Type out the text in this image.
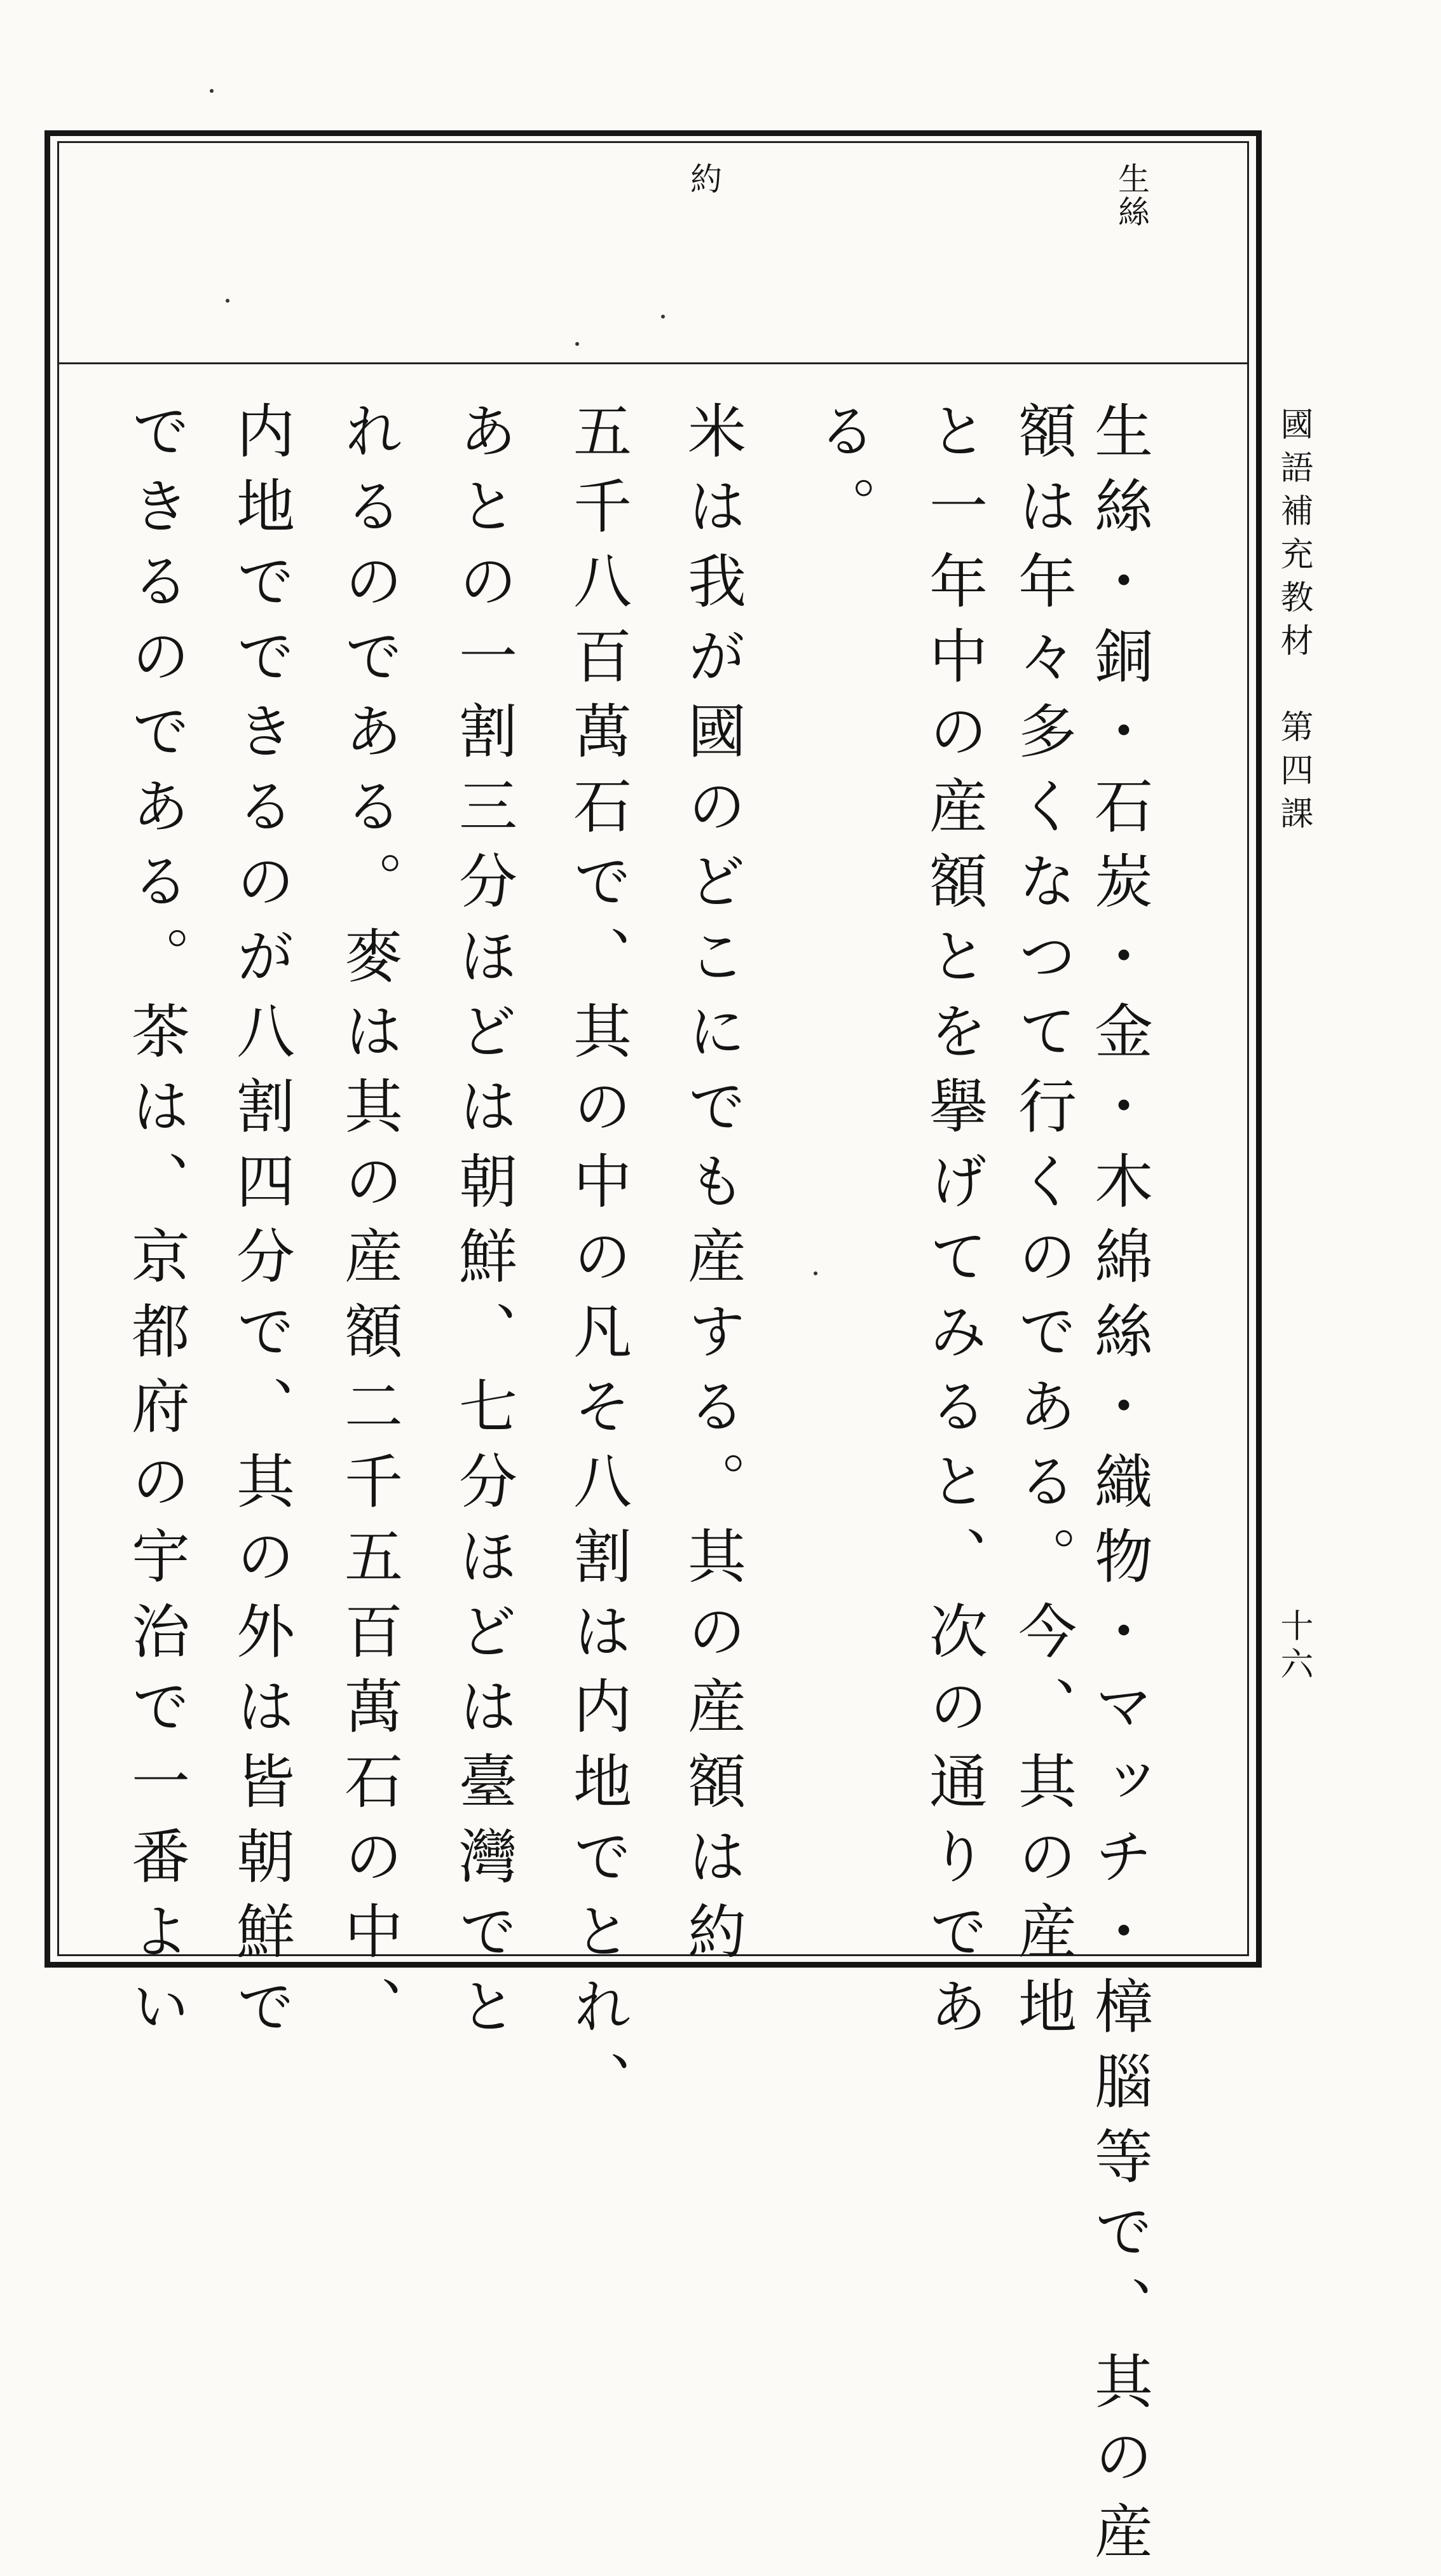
生絲
約

生絲・銅・石炭・金・木綿絲・織物・マッチ・樟腦等で、其の産

額は年々多くなつて行くのである。今、其の産地

と一年中の産額とを擧げてみると、次の通りであ

る。

米は我が國のどこにでも産する。其の産額は約

五千八百萬石で、其の中の凡そ八割は内地でとれ、

あとの一割三分ほどは朝鮮、七分ほどは臺灣でと

れるのである。麥は其の産額二千五百萬石の中、

内地でできるのが八割四分で、其の外は皆朝鮮で

できるのである。茶は、京都府の宇治で一番よい	國語補充教材　第四課
十六
